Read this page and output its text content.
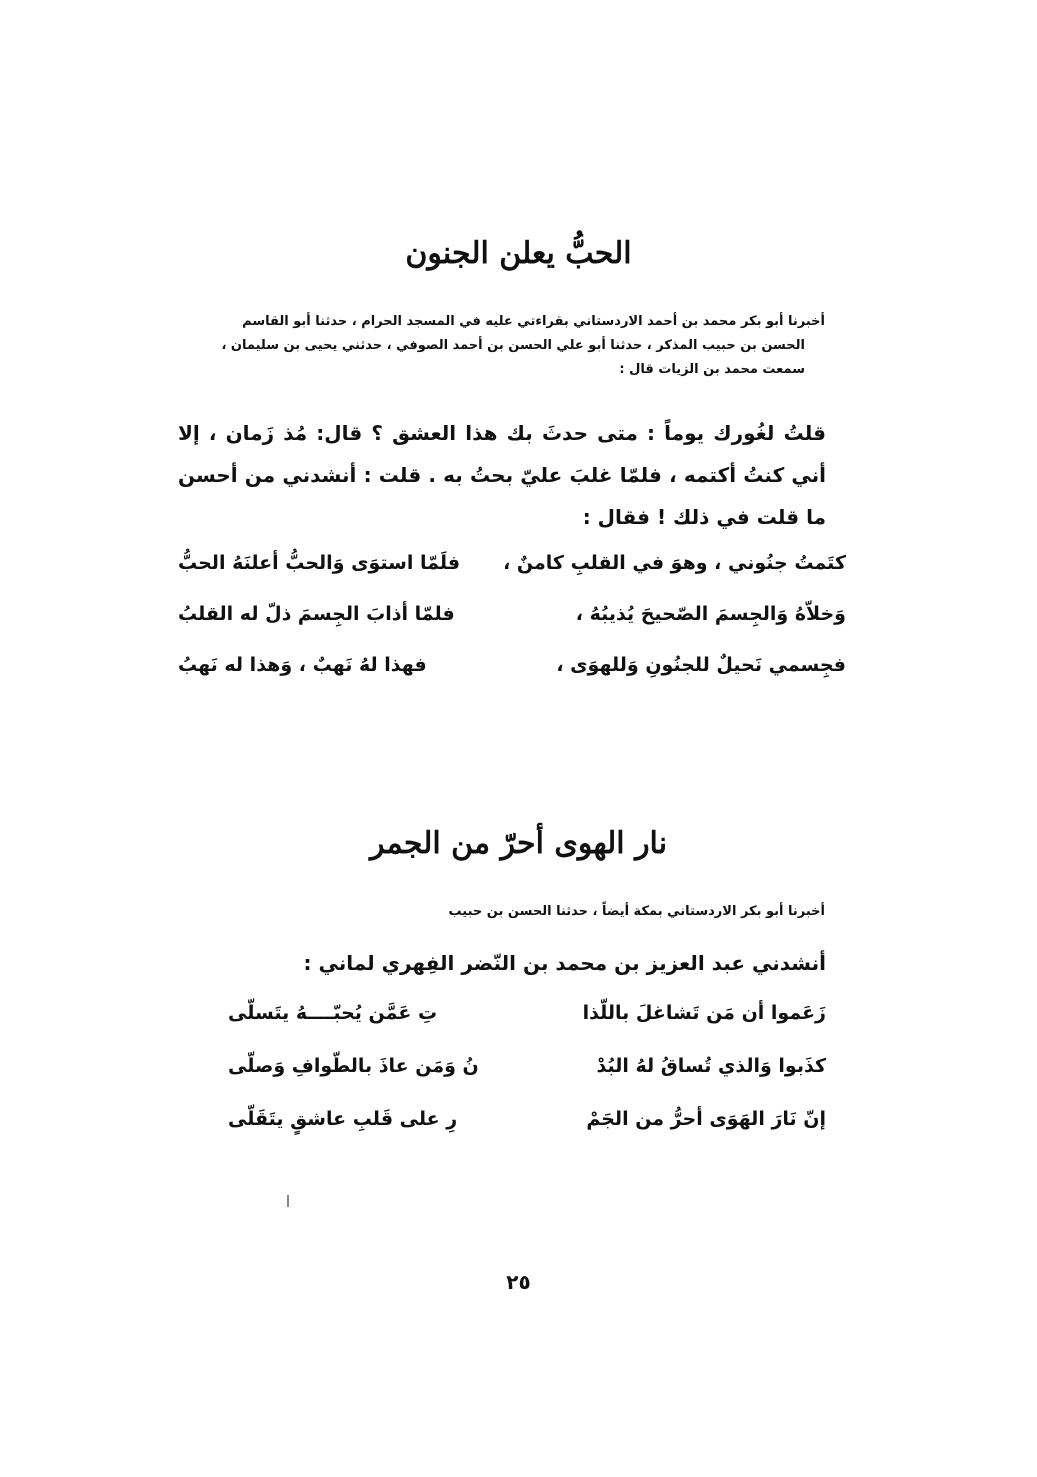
الحبُّ يعلن الجنون
أخبرنا أبو بكر محمد بن أحمد الاردستاني بقراءتي عليه في المسجد الحرام ، حدثنا أبو القاسم
الحسن بن حبيب المذكر ، حدثنا أبو علي الحسن بن أحمد الصوفي ، حدثني يحيى بن سليمان ،
سمعت محمد بن الزيات قال :
قلتُ لغُورك يوماً : متى حدثَ بك هذا العشق ؟ قال: مُذ زَمان ، إلا أني كنتُ أكتمه ، فلمّا غلبَ عليّ بحتُ به . قلت : أنشدني من أحسن ما قلت في ذلك ! فقال :
كتَمتُ جنُوني ، وهوَ في القلبِ كامنٌ ،
فلَمّا استوَى وَالحبُّ أعلنَهُ الحبُّ
وَخلاّهُ وَالجِسمَ الصّحيحَ يُذيبُهُ ،
فلمّا أذابَ الجِسمَ ذلّ له القلبُ
فجِسمي نَحيلٌ للجنُونِ وَللهوَى ،
فهذا لهُ نَهبٌ ، وَهذا له نَهبُ
نار الهوى أحرّ من الجمر
أخبرنا أبو بكر الاردستاني بمكة أيضاً ، حدثنا الحسن بن حبيب
أنشدني عبد العزيز بن محمد بن النّضر الفِهري لماني :
زَعَموا أن مَن تَشاغلَ باللّذا
تِ عَمَّن يُحبّــــهُ يتَسلّى
كذَبوا وَالذي تُساقُ لهُ البُدْ
نُ وَمَن عاذَ بالطّوافِ وَصلّى
إنّ نَارَ الهَوَى أحرُّ من الجَمْ
رِ على قَلبِ عاشقٍ يتَقَلّى
٢٥
